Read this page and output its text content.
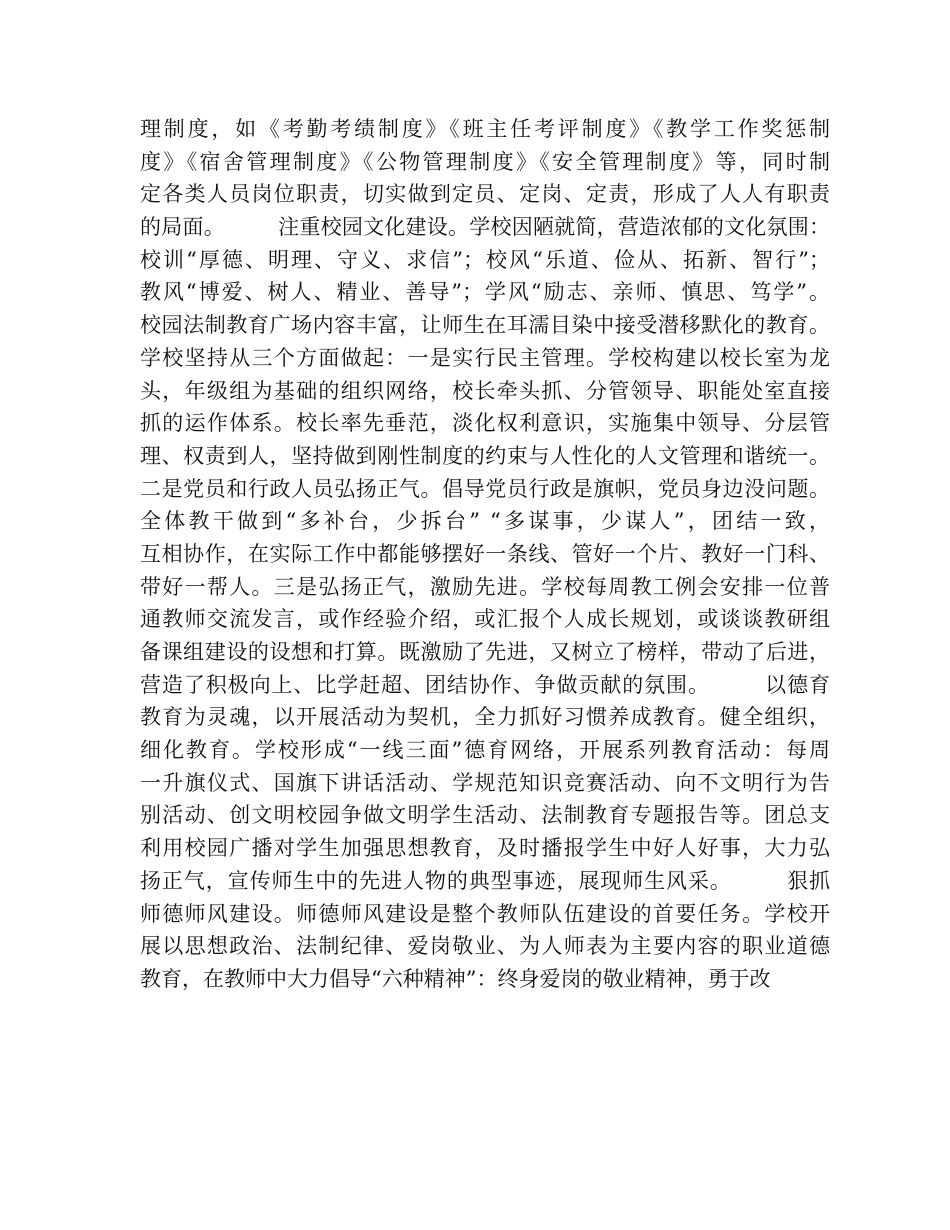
理制度，如《考勤考绩制度》《班主任考评制度》《教学工作奖惩制
度》《宿舍管理制度》《公物管理制度》《安全管理制度》等，同时制
定各类人员岗位职责，切实做到定员、定岗、定责，形成了人人有职责
的局面。　　　注重校园文化建设。学校因陋就简，营造浓郁的文化氛围：
校训“厚德、明理、守义、求信”；校风“乐道、俭从、拓新、智行”；
教风“博爱、树人、精业、善导”；学风“励志、亲师、慎思、笃学”。
校园法制教育广场内容丰富，让师生在耳濡目染中接受潜移默化的教育。
学校坚持从三个方面做起：一是实行民主管理。学校构建以校长室为龙
头，年级组为基础的组织网络，校长牵头抓、分管领导、职能处室直接
抓的运作体系。校长率先垂范，淡化权利意识，实施集中领导、分层管
理、权责到人，坚持做到刚性制度的约束与人性化的人文管理和谐统一。
二是党员和行政人员弘扬正气。倡导党员行政是旗帜，党员身边没问题。
全体教干做到“多补台，少拆台” “多谋事，少谋人”，团结一致，
互相协作，在实际工作中都能够摆好一条线、管好一个片、教好一门科、
带好一帮人。三是弘扬正气，激励先进。学校每周教工例会安排一位普
通教师交流发言，或作经验介绍，或汇报个人成长规划，或谈谈教研组
备课组建设的设想和打算。既激励了先进，又树立了榜样，带动了后进，
营造了积极向上、比学赶超、团结协作、争做贡献的氛围。　　　以德育
教育为灵魂，以开展活动为契机，全力抓好习惯养成教育。健全组织，
细化教育。学校形成“一线三面”德育网络，开展系列教育活动：每周
一升旗仪式、国旗下讲话活动、学规范知识竞赛活动、向不文明行为告
别活动、创文明校园争做文明学生活动、法制教育专题报告等。团总支
利用校园广播对学生加强思想教育，及时播报学生中好人好事，大力弘
扬正气，宣传师生中的先进人物的典型事迹，展现师生风采。　　　狠抓
师德师风建设。师德师风建设是整个教师队伍建设的首要任务。学校开
展以思想政治、法制纪律、爱岗敬业、为人师表为主要内容的职业道德
教育，在教师中大力倡导“六种精神”：终身爱岗的敬业精神，勇于改
